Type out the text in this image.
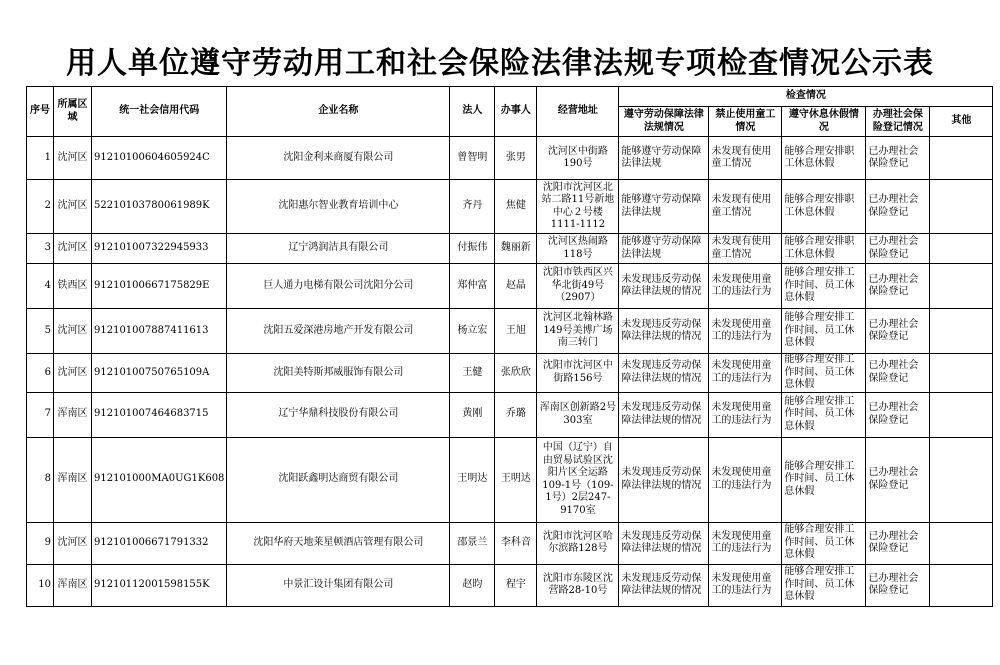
用人单位遵守劳动用工和社会保险法律法规专项检查情况公示表
序号	所属区域	统一社会信用代码	企业名称	法人	办事人	经营地址	检查情况				
							遵守劳动保障法律法规情况	禁止使用童工情况	遵守休息休假情况	办理社会保险登记情况	其他
1	沈河区	91210100604605924C	沈阳金利来商厦有限公司	曾智明	张男	沈河区中街路190号	能够遵守劳动保障法律法规	未发现有使用童工情况	能够合理安排职工休息休假	已办理社会保险登记	
2	沈河区	52210103780061989K	沈阳惠尔智业教育培训中心	齐丹	焦健	沈阳市沈河区北站二路11号新地中心２号楼1111-1112	能够遵守劳动保障法律法规	未发现有使用童工情况	能够合理安排职工休息休假	已办理社会保险登记	
3	沈河区	912101007322945933	辽宁鸿润洁具有限公司	付振伟	魏丽新	沈河区热闹路118号	能够遵守劳动保障法律法规	未发现有使用童工情况	能够合理安排职工休息休假	已办理社会保险登记	
4	铁西区	91210100667175829E	巨人通力电梯有限公司沈阳分公司	郑仲富	赵晶	沈阳市铁西区兴华北街49号（2907）	未发现违反劳动保障法律法规的情况	未发现使用童工的违法行为	能够合理安排工作时间、员工休息休假	已办理社会保险登记	
5	沈河区	912101007887411613	沈阳五爱深港房地产开发有限公司	杨立宏	王旭	沈河区北翰林路149号美博广场南三转门	未发现违反劳动保障法律法规的情况	未发现使用童工的违法行为	能够合理安排工作时间、员工休息休假	已办理社会保险登记	
6	沈河区	91210100750765109A	沈阳美特斯邦威服饰有限公司	王健	张欣欣	沈阳市沈河区中街路156号	未发现违反劳动保障法律法规的情况	未发现使用童工的违法行为	能够合理安排工作时间、员工休息休假	已办理社会保险登记	
7	浑南区	912101007464683715	辽宁华鼎科技股份有限公司	黄刚	乔璐	浑南区创新路2号303室	未发现违反劳动保障法律法规的情况	未发现使用童工的违法行为	能够合理安排工作时间、员工休息休假	已办理社会保险登记	
8	浑南区	912101000MA0UG1K608	沈阳跃鑫明达商贸有限公司	王明达	王明达	中国（辽宁）自由贸易试验区沈阳片区全运路109-1号（109-1号）2层247-9170室	未发现违反劳动保障法律法规的情况	未发现使用童工的违法行为	能够合理安排工作时间、员工休息休假	已办理社会保险登记	
9	沈河区	912101006671791332	沈阳华府天地莱星顿酒店管理有限公司	邵景兰	李科音	沈阳市沈河区哈尔滨路128号	未发现违反劳动保障法律法规的情况	未发现使用童工的违法行为	能够合理安排工作时间、员工休息休假	已办理社会保险登记	
10	浑南区	91210112001598155K	中景汇设计集团有限公司	赵昀	程宇	沈阳市东陵区沈营路28-10号	未发现违反劳动保障法律法规的情况	未发现使用童工的违法行为	能够合理安排工作时间、员工休息休假	已办理社会保险登记	
